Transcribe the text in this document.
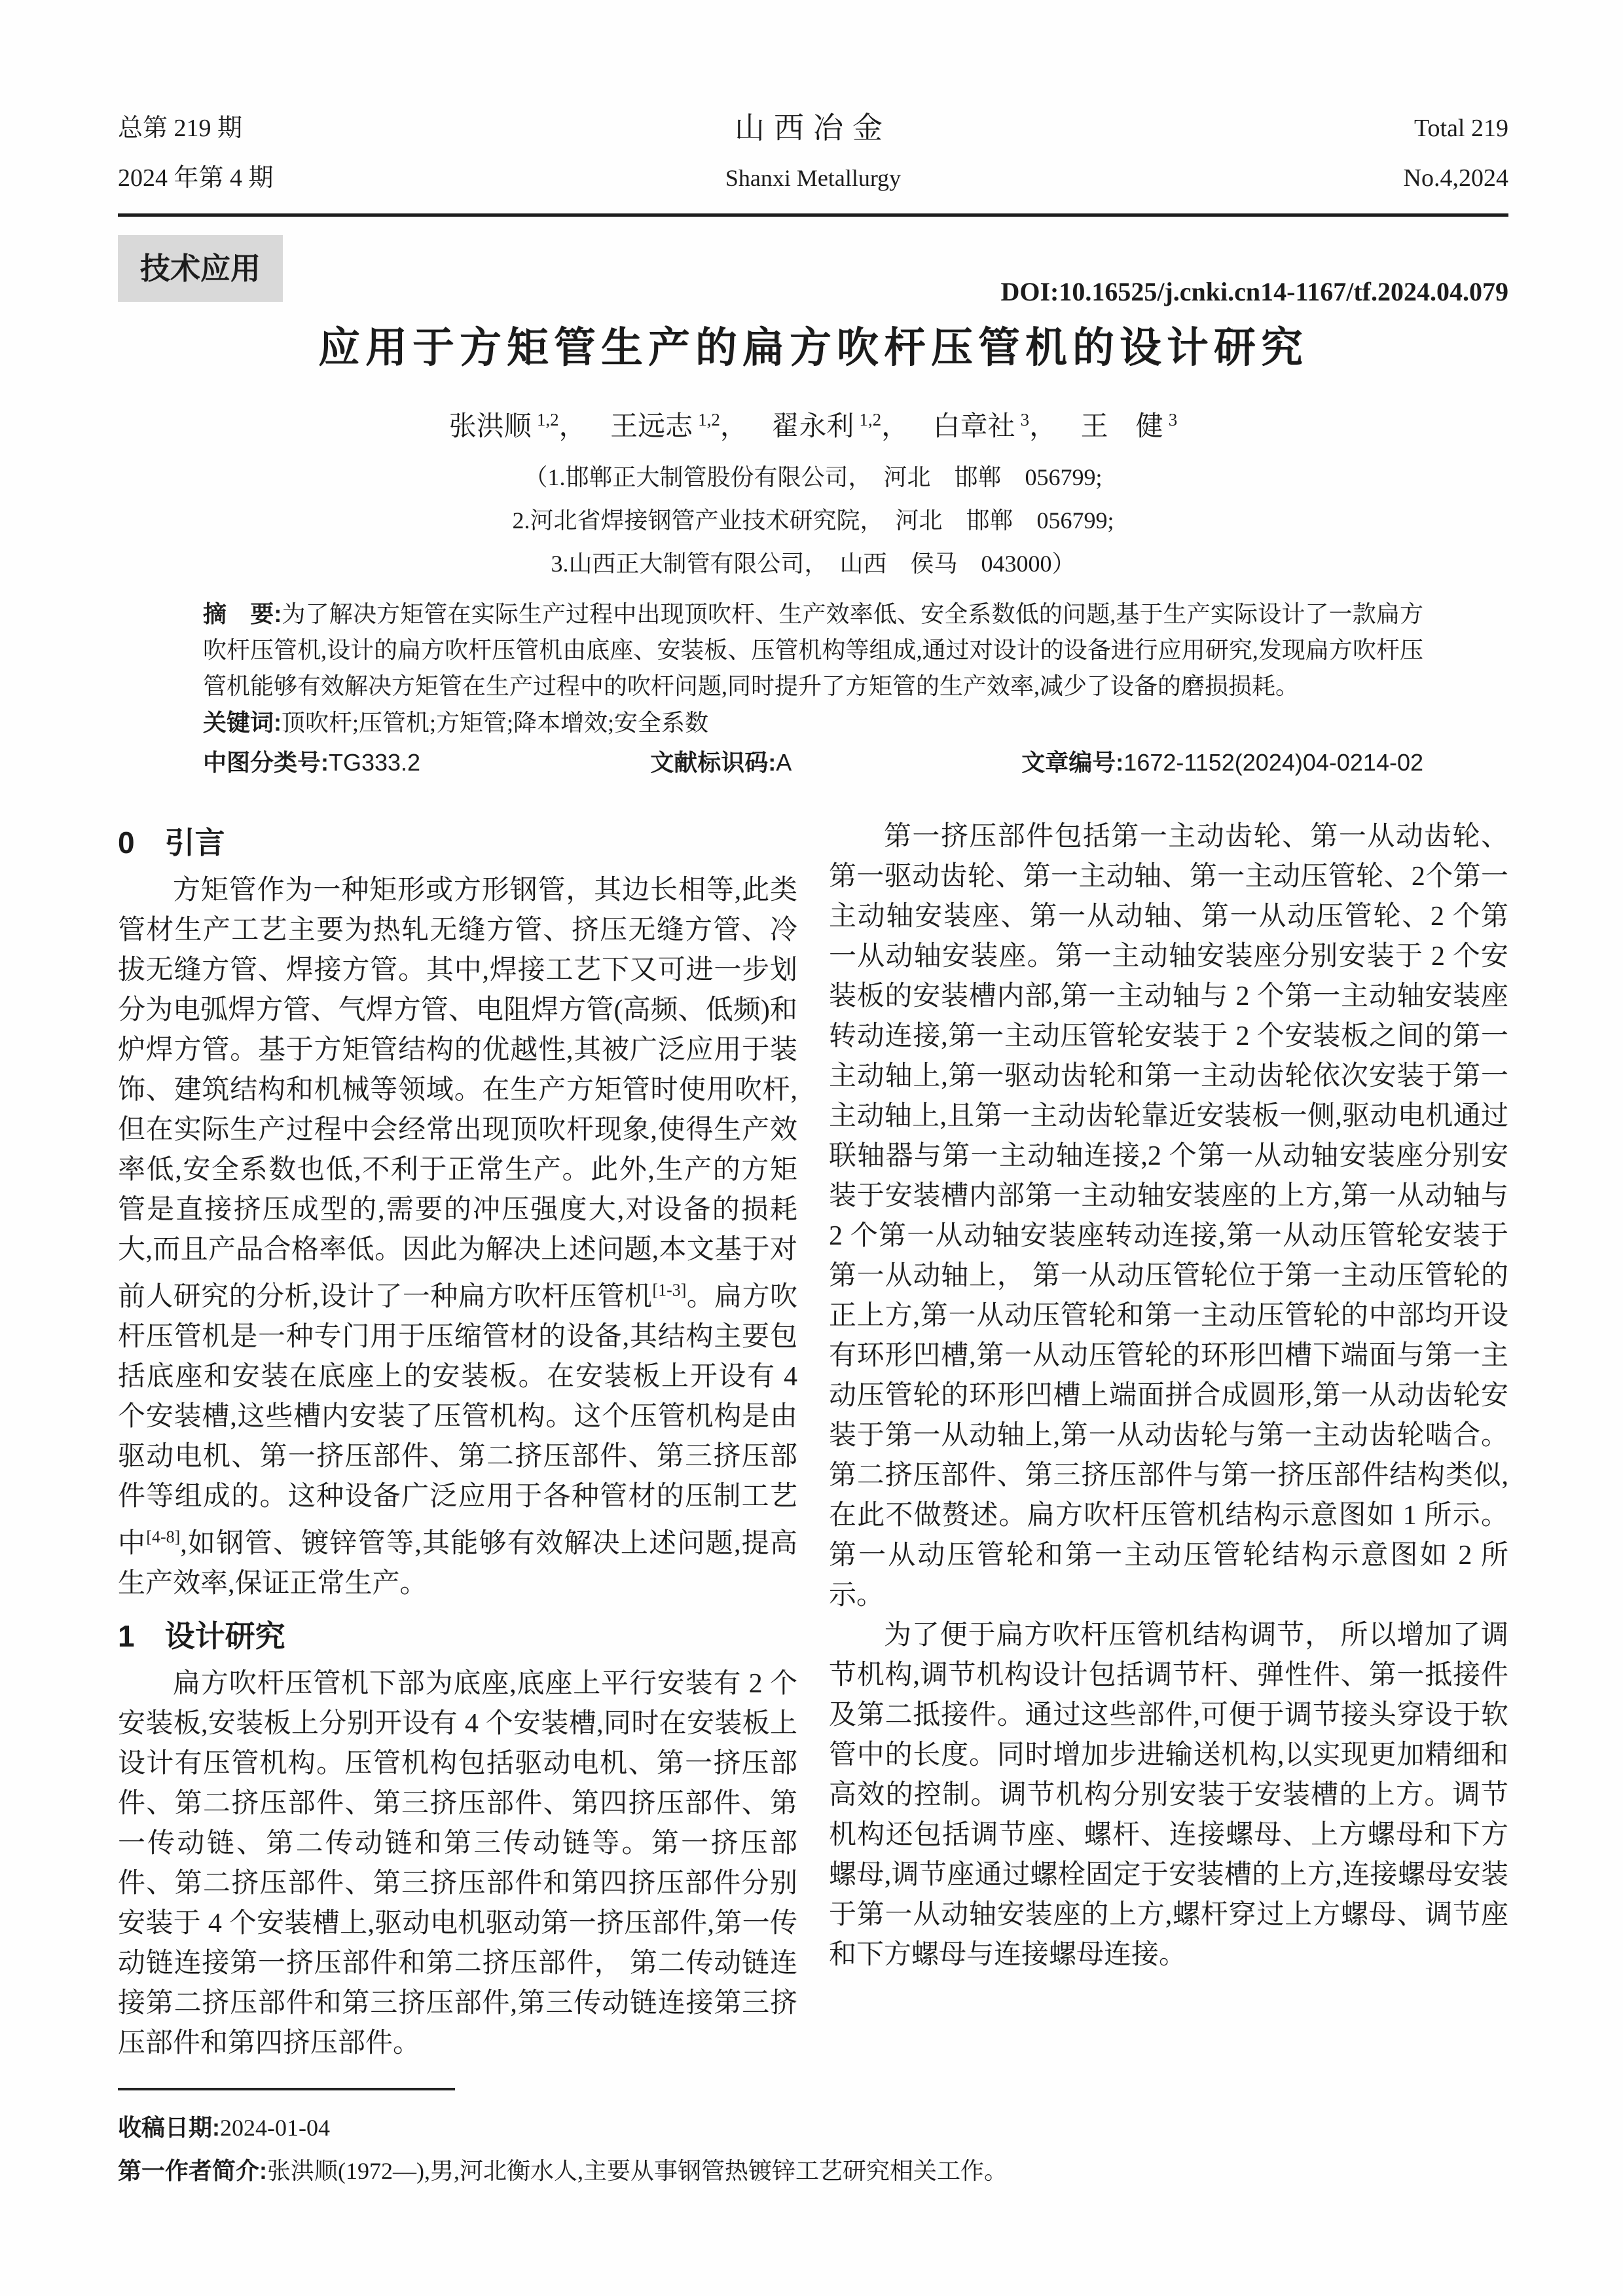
总第 219 期
2024 年第 4 期
山西冶金
Shanxi Metallurgy
Total 219
No.4,2024
技术应用
DOI:10.16525/j.cnki.cn14-1167/tf.2024.04.079
应用于方矩管生产的扁方吹杆压管机的设计研究
张洪顺 $^{1,2}$， 王远志 $^{1,2}$， 翟永利 $^{1,2}$， 白章社 $^3$， 王　健 $^3$
（1.邯郸正大制管股份有限公司，　河北　邯郸　056799;
2.河北省焊接钢管产业技术研究院，　河北　邯郸　056799;
3.山西正大制管有限公司，　山西　侯马　043000）
摘　要:为了解决方矩管在实际生产过程中出现顶吹杆、生产效率低、安全系数低的问题,基于生产实际设计了一款扁方吹杆压管机,设计的扁方吹杆压管机由底座、安装板、压管机构等组成,通过对设计的设备进行应用研究,发现扁方吹杆压管机能够有效解决方矩管在生产过程中的吹杆问题,同时提升了方矩管的生产效率,减少了设备的磨损损耗。
关键词:顶吹杆;压管机;方矩管;降本增效;安全系数
中图分类号:TG333.2	文献标识码:A	文章编号:1672-1152(2024)04-0214-02
0　引言

方矩管作为一种矩形或方形钢管，其边长相等,此类管材生产工艺主要为热轧无缝方管、挤压无缝方管、冷拔无缝方管、焊接方管。其中,焊接工艺下又可进一步划分为电弧焊方管、气焊方管、电阻焊方管(高频、低频)和炉焊方管。基于方矩管结构的优越性,其被广泛应用于装饰、建筑结构和机械等领域。在生产方矩管时使用吹杆,但在实际生产过程中会经常出现顶吹杆现象,使得生产效率低,安全系数也低,不利于正常生产。此外,生产的方矩管是直接挤压成型的,需要的冲压强度大,对设备的损耗大,而且产品合格率低。因此为解决上述问题,本文基于对前人研究的分析,设计了一种扁方吹杆压管机[1-3]。扁方吹杆压管机是一种专门用于压缩管材的设备,其结构主要包括底座和安装在底座上的安装板。在安装板上开设有 4 个安装槽,这些槽内安装了压管机构。这个压管机构是由驱动电机、第一挤压部件、第二挤压部件、第三挤压部件等组成的。这种设备广泛应用于各种管材的压制工艺中[4-8],如钢管、镀锌管等,其能够有效解决上述问题,提高生产效率,保证正常生产。

1　设计研究

扁方吹杆压管机下部为底座,底座上平行安装有 2 个安装板,安装板上分别开设有 4 个安装槽,同时在安装板上设计有压管机构。压管机构包括驱动电机、第一挤压部件、第二挤压部件、第三挤压部件、第四挤压部件、第一传动链、第二传动链和第三传动链等。第一挤压部件、第二挤压部件、第三挤压部件和第四挤压部件分别安装于 4 个安装槽上,驱动电机驱动第一挤压部件,第一传动链连接第一挤压部件和第二挤压部件， 第二传动链连接第二挤压部件和第三挤压部件,第三传动链连接第三挤压部件和第四挤压部件。

第一挤压部件包括第一主动齿轮、第一从动齿轮、第一驱动齿轮、第一主动轴、第一主动压管轮、2个第一主动轴安装座、第一从动轴、第一从动压管轮、2 个第一从动轴安装座。第一主动轴安装座分别安装于 2 个安装板的安装槽内部,第一主动轴与 2 个第一主动轴安装座转动连接,第一主动压管轮安装于 2 个安装板之间的第一主动轴上,第一驱动齿轮和第一主动齿轮依次安装于第一主动轴上,且第一主动齿轮靠近安装板一侧,驱动电机通过联轴器与第一主动轴连接,2 个第一从动轴安装座分别安装于安装槽内部第一主动轴安装座的上方,第一从动轴与 2 个第一从动轴安装座转动连接,第一从动压管轮安装于第一从动轴上， 第一从动压管轮位于第一主动压管轮的正上方,第一从动压管轮和第一主动压管轮的中部均开设有环形凹槽,第一从动压管轮的环形凹槽下端面与第一主动压管轮的环形凹槽上端面拼合成圆形,第一从动齿轮安装于第一从动轴上,第一从动齿轮与第一主动齿轮啮合。第二挤压部件、第三挤压部件与第一挤压部件结构类似,在此不做赘述。扁方吹杆压管机结构示意图如 1 所示。第一从动压管轮和第一主动压管轮结构示意图如 2 所示。

为了便于扁方吹杆压管机结构调节， 所以增加了调节机构,调节机构设计包括调节杆、弹性件、第一抵接件及第二抵接件。通过这些部件,可便于调节接头穿设于软管中的长度。同时增加步进输送机构,以实现更加精细和高效的控制。调节机构分别安装于安装槽的上方。调节机构还包括调节座、螺杆、连接螺母、上方螺母和下方螺母,调节座通过螺栓固定于安装槽的上方,连接螺母安装于第一从动轴安装座的上方,螺杆穿过上方螺母、调节座和下方螺母与连接螺母连接。

收稿日期:2024-01-04
第一作者简介:张洪顺(1972—),男,河北衡水人,主要从事钢管热镀锌工艺研究相关工作。
